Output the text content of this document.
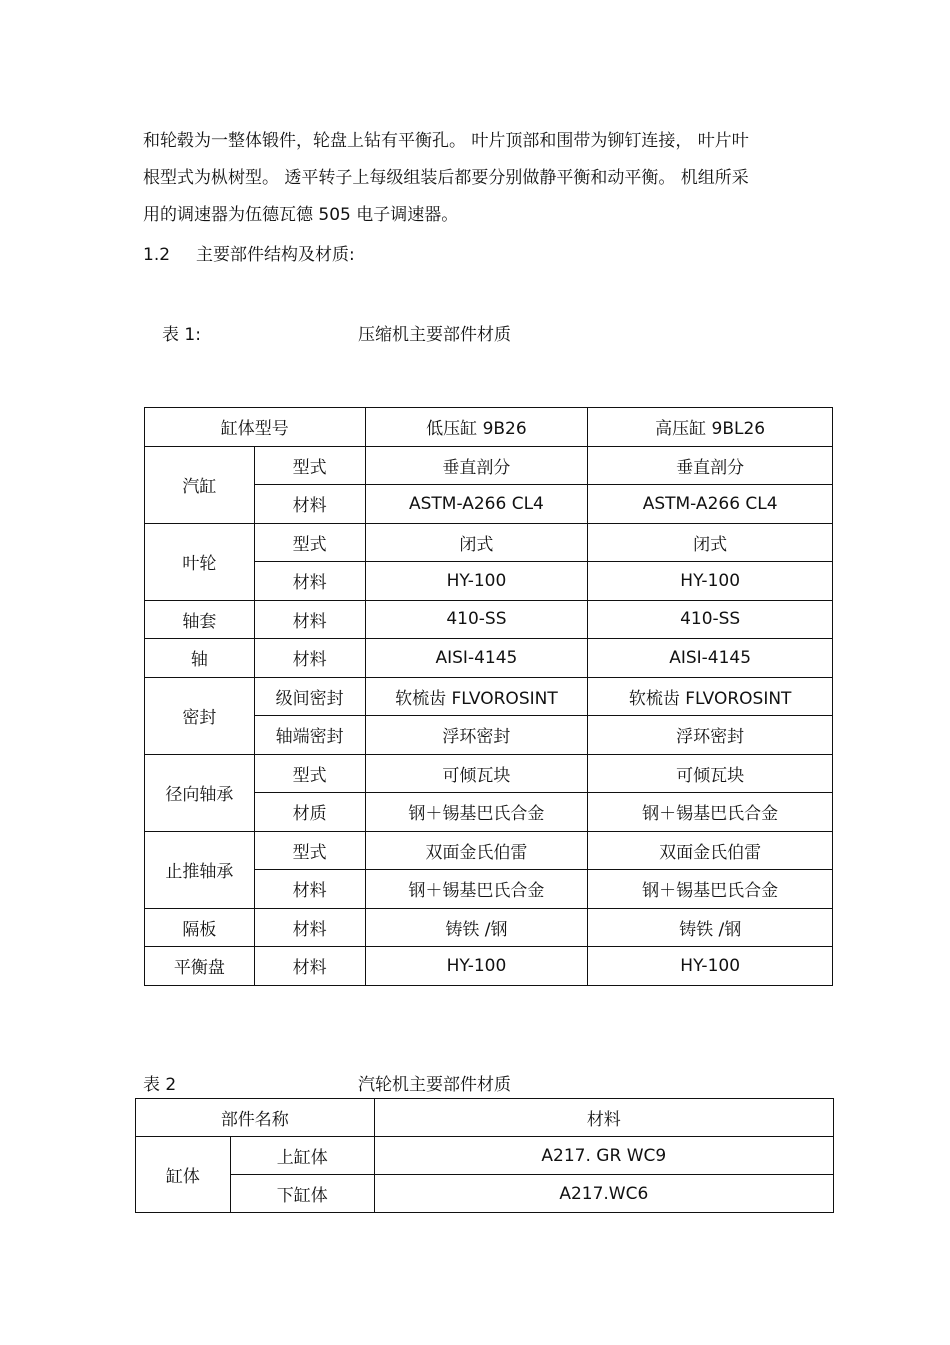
和轮毂为一整体锻件，轮盘上钻有平衡孔。 叶片顶部和围带为铆钉连接， 叶片叶
根型式为枞树型。 透平转子上每级组装后都要分别做静平衡和动平衡。 机组所采
用的调速器为伍德瓦德 505 电子调速器。
1.2 主要部件结构及材质:
表 1:	压缩机主要部件材质
缸体型号		低压缸 9B26	高压缸 9BL26
汽缸	型式	垂直剖分	垂直剖分
	材料	ASTM-A266 CL4	ASTM-A266 CL4
叶轮	型式	闭式	闭式
	材料	HY-100	HY-100
轴套	材料	410-SS	410-SS
轴	材料	AISI-4145	AISI-4145
密封	级间密封	软梳齿 FLVOROSINT	软梳齿 FLVOROSINT
	轴端密封	浮环密封	浮环密封
径向轴承	型式	可倾瓦块	可倾瓦块
	材质	钢＋锡基巴氏合金	钢＋锡基巴氏合金
止推轴承	型式	双面金氏伯雷	双面金氏伯雷
	材料	钢＋锡基巴氏合金	钢＋锡基巴氏合金
隔板	材料	铸铁 /钢	铸铁 /钢
平衡盘	材料	HY-100	HY-100
表 2	汽轮机主要部件材质
部件名称		材料
缸体	上缸体	A217. GR WC9
	下缸体	A217.WC6
